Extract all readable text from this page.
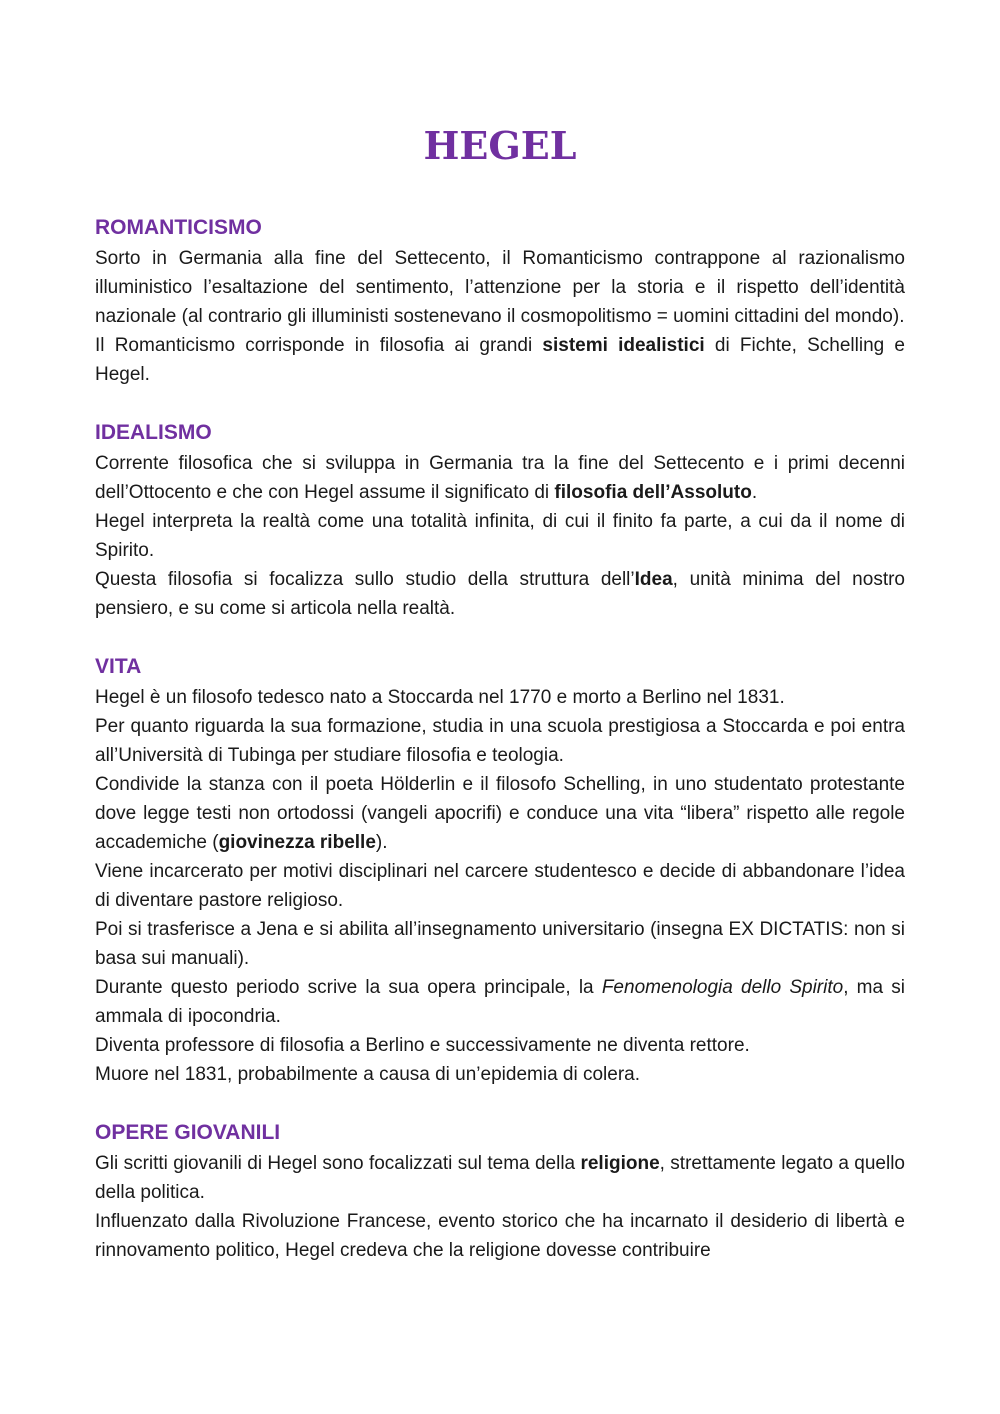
HEGEL
ROMANTICISMO

Sorto in Germania alla fine del Settecento, il Romanticismo contrappone al razionalismo illuministico l’esaltazione del sentimento, l’attenzione per la storia e il rispetto dell’identità nazionale (al contrario gli illuministi sostenevano il cosmopolitismo = uomini cittadini del mondo).

Il Romanticismo corrisponde in filosofia ai grandi sistemi idealistici di Fichte, Schelling e Hegel.

IDEALISMO

Corrente filosofica che si sviluppa in Germania tra la fine del Settecento e i primi decenni dell’Ottocento e che con Hegel assume il significato di filosofia dell’Assoluto.

Hegel interpreta la realtà come una totalità infinita, di cui il finito fa parte, a cui da il nome di Spirito.

Questa filosofia si focalizza sullo studio della struttura dell’Idea, unità minima del nostro pensiero, e su come si articola nella realtà.

VITA

Hegel è un filosofo tedesco nato a Stoccarda nel 1770 e morto a Berlino nel 1831.

Per quanto riguarda la sua formazione, studia in una scuola prestigiosa a Stoccarda e poi entra all’Università di Tubinga per studiare filosofia e teologia.

Condivide la stanza con il poeta Hölderlin e il filosofo Schelling, in uno studentato protestante dove legge testi non ortodossi (vangeli apocrifi) e conduce una vita “libera” rispetto alle regole accademiche (giovinezza ribelle).

Viene incarcerato per motivi disciplinari nel carcere studentesco e decide di abbandonare l’idea di diventare pastore religioso.

Poi si trasferisce a Jena e si abilita all’insegnamento universitario (insegna EX DICTATIS: non si basa sui manuali).

Durante questo periodo scrive la sua opera principale, la Fenomenologia dello Spirito, ma si ammala di ipocondria.

Diventa professore di filosofia a Berlino e successivamente ne diventa rettore.

Muore nel 1831, probabilmente a causa di un’epidemia di colera.

OPERE GIOVANILI

Gli scritti giovanili di Hegel sono focalizzati sul tema della religione, strettamente legato a quello della politica.

Influenzato dalla Rivoluzione Francese, evento storico che ha incarnato il desiderio di libertà e rinnovamento politico, Hegel credeva che la religione dovesse contribuire
